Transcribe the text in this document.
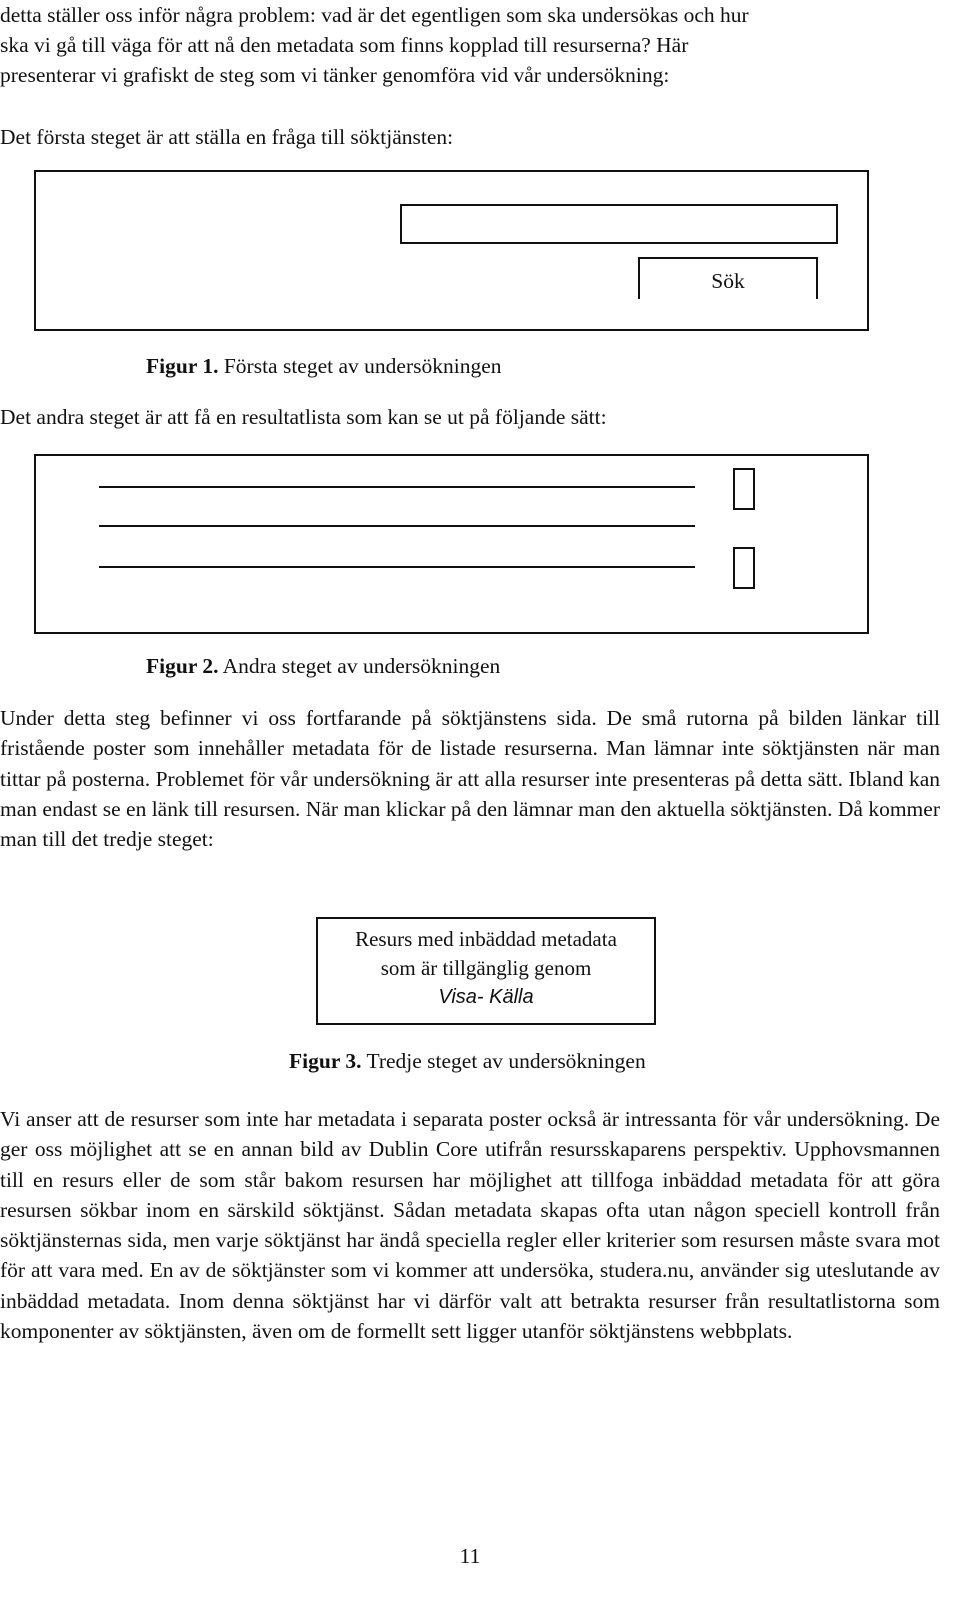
detta ställer oss inför några problem: vad är det egentligen som ska undersökas och hur

ska vi gå till väga för att nå den metadata som finns kopplad till resurserna? Här

presenterar vi grafiskt de steg som vi tänker genomföra vid vår undersökning:

Det första steget är att ställa en fråga till söktjänsten:

Sök

Figur 1. Första steget av undersökningen

Det andra steget är att få en resultatlista som kan se ut på följande sätt:

Figur 2. Andra steget av undersökningen

Under detta steg befinner vi oss fortfarande på söktjänstens sida. De små rutorna på bilden länkar till fristående poster som innehåller metadata för de listade resurserna. Man lämnar inte söktjänsten när man tittar på posterna. Problemet för vår undersökning är att alla resurser inte presenteras på detta sätt. Ibland kan man endast se en länk till resursen. När man klickar på den lämnar man den aktuella söktjänsten. Då kommer man till det tredje steget:

Resurs med inbäddad metadata
som är tillgänglig genom
Visa- Källa

Figur 3. Tredje steget av undersökningen

Vi anser att de resurser som inte har metadata i separata poster också är intressanta för vår undersökning. De ger oss möjlighet att se en annan bild av Dublin Core utifrån resursskaparens perspektiv. Upphovsmannen till en resurs eller de som står bakom resursen har möjlighet att tillfoga inbäddad metadata för att göra resursen sökbar inom en särskild söktjänst. Sådan metadata skapas ofta utan någon speciell kontroll från söktjänsternas sida, men varje söktjänst har ändå speciella regler eller kriterier som resursen måste svara mot för att vara med. En av de söktjänster som vi kommer att undersöka, studera.nu, använder sig uteslutande av inbäddad metadata. Inom denna söktjänst har vi därför valt att betrakta resurser från resultatlistorna som komponenter av söktjänsten, även om de formellt sett ligger utanför söktjänstens webbplats.

11
